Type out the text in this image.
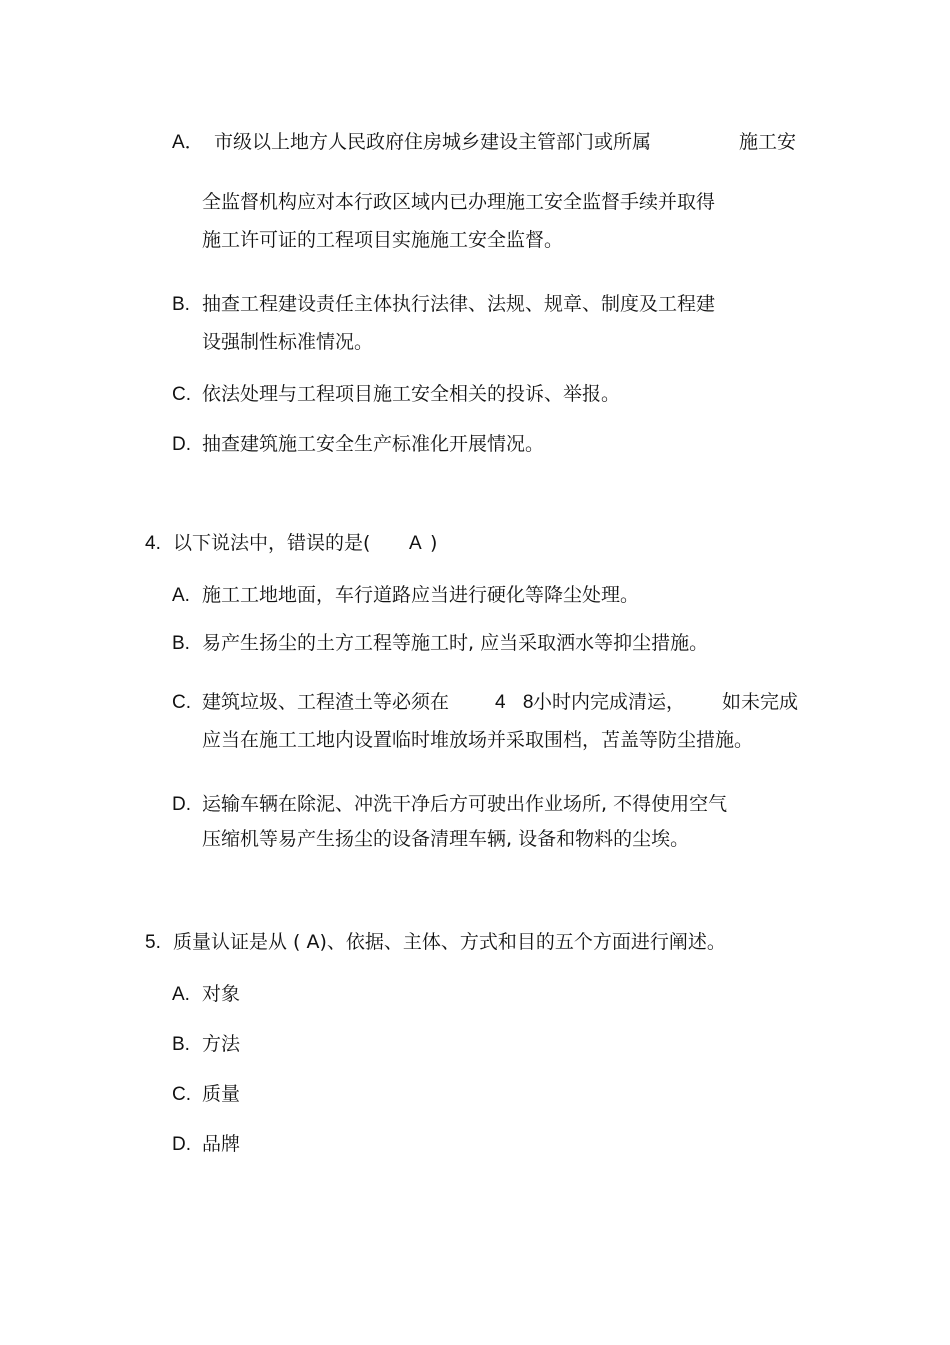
A． 市级以上地方人民政府住房城乡建设主管部门或所属	施工安
全监督机构应对本行政区域内已办理施工安全监督手续并取得
施工许可证的工程项目实施施工安全监督。
B. 抽查工程建设责任主体执行法律、法规、规章、制度及工程建
设强制性标准情况。
C. 依法处理与工程项目施工安全相关的投诉、举报。
D. 抽查建筑施工安全生产标准化开展情况。
4. 以下说法中，错误的是( A )
A. 施工工地地面，车行道路应当进行硬化等降尘处理。
B. 易产生扬尘的土方工程等施工时, 应当采取洒水等抑尘措施。
C. 建筑垃圾、工程渣土等必须在 4 8
小时内完成清运， 如未完成
应当在施工工地内设置临时堆放场并采取围档，苫盖等防尘措施。
D. 运输车辆在除泥、冲洗干净后方可驶出作业场所, 不得使用空气
压缩机等易产生扬尘的设备清理车辆, 设备和物料的尘埃。
5. 质量认证是从 ( A)、依据、主体、方式和目的五个方面进行阐述。
A. 对象
B. 方法
C. 质量
D. 品牌
